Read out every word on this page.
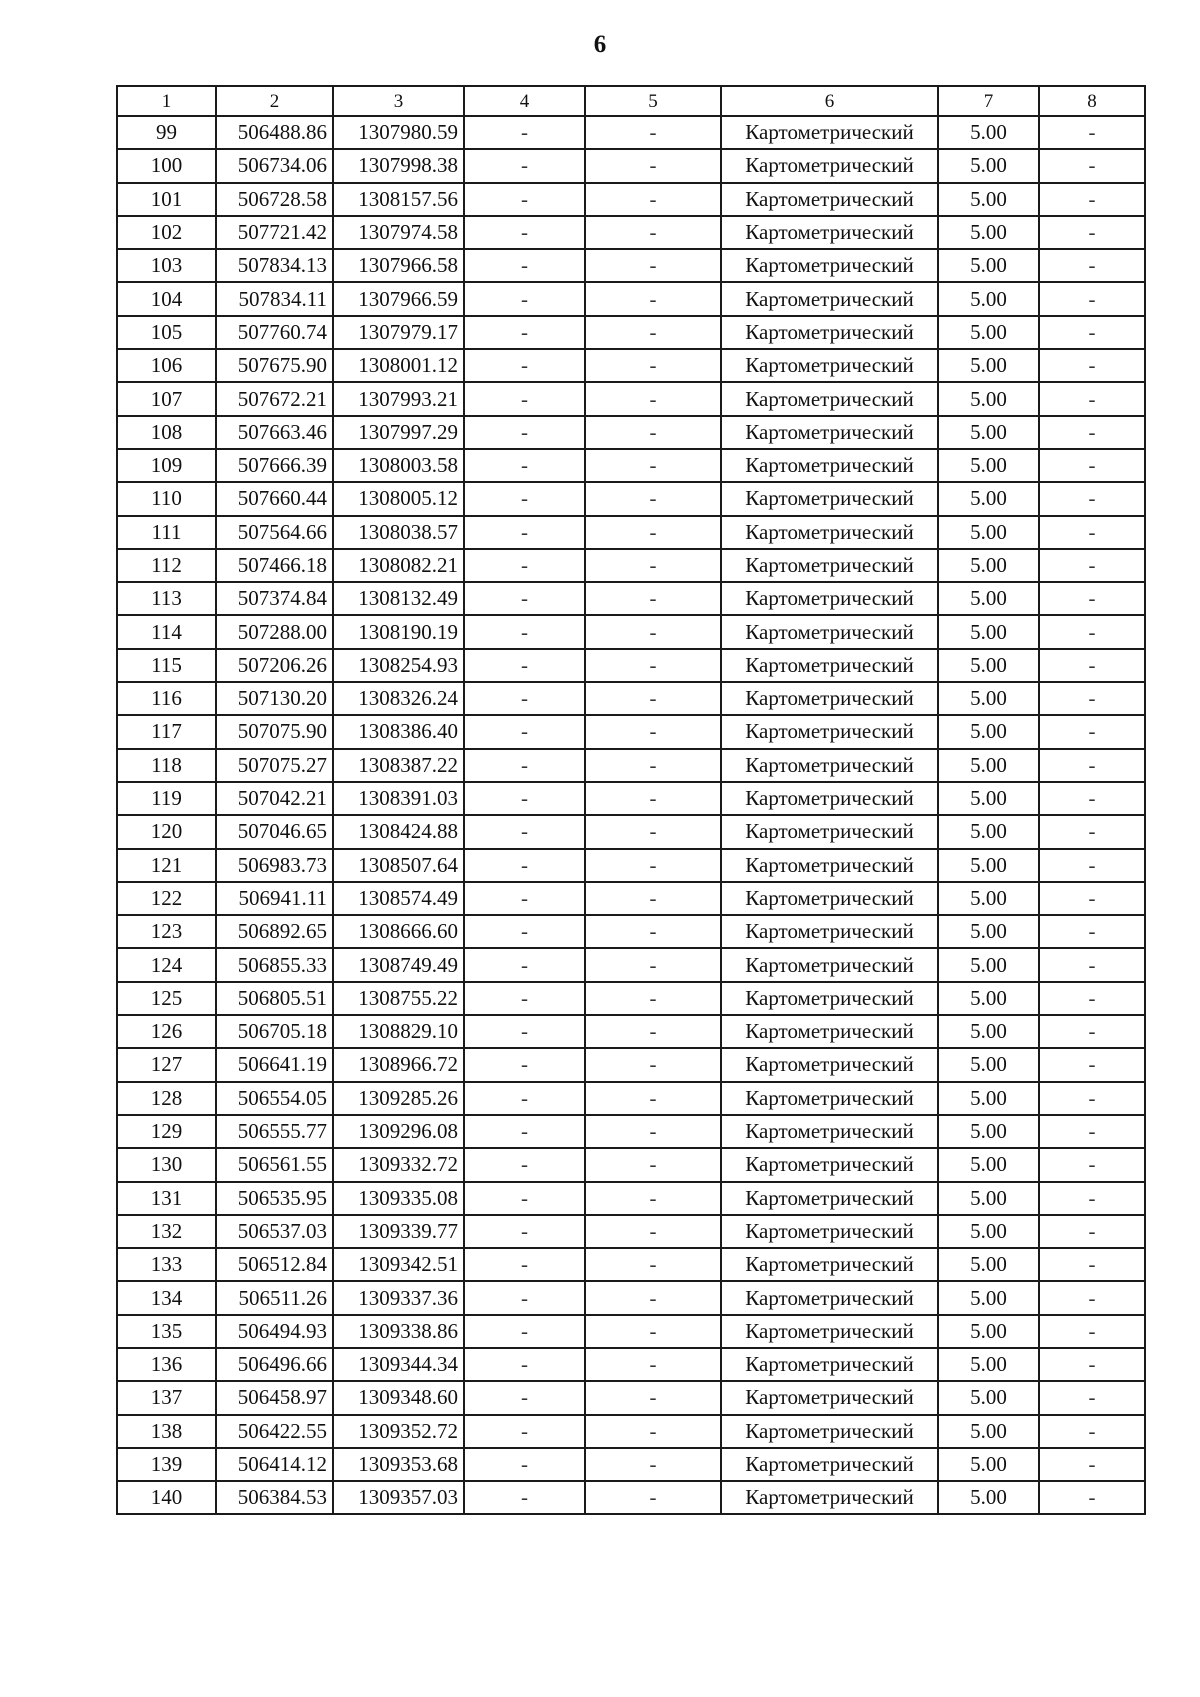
6
1	2	3	4	5	6	7	8
99	506488.86	1307980.59	-	-	Картометрический	5.00	-
100	506734.06	1307998.38	-	-	Картометрический	5.00	-
101	506728.58	1308157.56	-	-	Картометрический	5.00	-
102	507721.42	1307974.58	-	-	Картометрический	5.00	-
103	507834.13	1307966.58	-	-	Картометрический	5.00	-
104	507834.11	1307966.59	-	-	Картометрический	5.00	-
105	507760.74	1307979.17	-	-	Картометрический	5.00	-
106	507675.90	1308001.12	-	-	Картометрический	5.00	-
107	507672.21	1307993.21	-	-	Картометрический	5.00	-
108	507663.46	1307997.29	-	-	Картометрический	5.00	-
109	507666.39	1308003.58	-	-	Картометрический	5.00	-
110	507660.44	1308005.12	-	-	Картометрический	5.00	-
111	507564.66	1308038.57	-	-	Картометрический	5.00	-
112	507466.18	1308082.21	-	-	Картометрический	5.00	-
113	507374.84	1308132.49	-	-	Картометрический	5.00	-
114	507288.00	1308190.19	-	-	Картометрический	5.00	-
115	507206.26	1308254.93	-	-	Картометрический	5.00	-
116	507130.20	1308326.24	-	-	Картометрический	5.00	-
117	507075.90	1308386.40	-	-	Картометрический	5.00	-
118	507075.27	1308387.22	-	-	Картометрический	5.00	-
119	507042.21	1308391.03	-	-	Картометрический	5.00	-
120	507046.65	1308424.88	-	-	Картометрический	5.00	-
121	506983.73	1308507.64	-	-	Картометрический	5.00	-
122	506941.11	1308574.49	-	-	Картометрический	5.00	-
123	506892.65	1308666.60	-	-	Картометрический	5.00	-
124	506855.33	1308749.49	-	-	Картометрический	5.00	-
125	506805.51	1308755.22	-	-	Картометрический	5.00	-
126	506705.18	1308829.10	-	-	Картометрический	5.00	-
127	506641.19	1308966.72	-	-	Картометрический	5.00	-
128	506554.05	1309285.26	-	-	Картометрический	5.00	-
129	506555.77	1309296.08	-	-	Картометрический	5.00	-
130	506561.55	1309332.72	-	-	Картометрический	5.00	-
131	506535.95	1309335.08	-	-	Картометрический	5.00	-
132	506537.03	1309339.77	-	-	Картометрический	5.00	-
133	506512.84	1309342.51	-	-	Картометрический	5.00	-
134	506511.26	1309337.36	-	-	Картометрический	5.00	-
135	506494.93	1309338.86	-	-	Картометрический	5.00	-
136	506496.66	1309344.34	-	-	Картометрический	5.00	-
137	506458.97	1309348.60	-	-	Картометрический	5.00	-
138	506422.55	1309352.72	-	-	Картометрический	5.00	-
139	506414.12	1309353.68	-	-	Картометрический	5.00	-
140	506384.53	1309357.03	-	-	Картометрический	5.00	-
